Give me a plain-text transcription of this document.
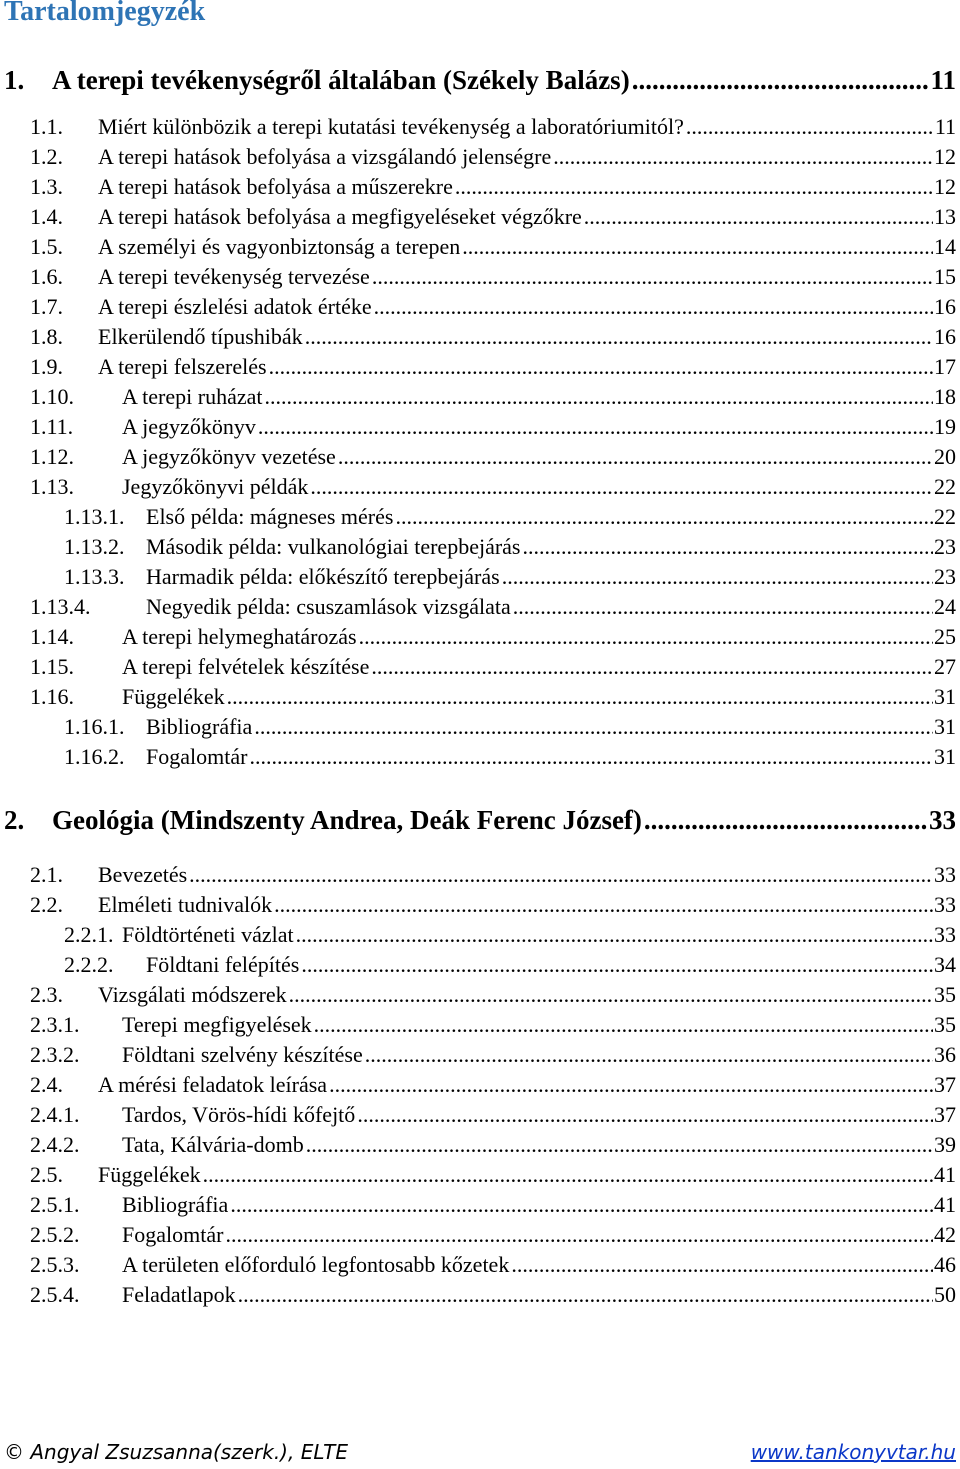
Tartalomjegyzék
1.	A terepi tevékenységről általában (Székely Balázs) .....	11
1.1.	Miért különbözik a terepi kutatási tevékenység a laboratóriumitól? .....	11
1.2.	A terepi hatások befolyása a vizsgálandó jelenségre .....	12
1.3.	A terepi hatások befolyása a műszerekre .....	12
1.4.	A terepi hatások befolyása a megfigyeléseket végzőkre .....	13
1.5.	A személyi és vagyonbiztonság a terepen .....	14
1.6.	A terepi tevékenység tervezése .....	15
1.7.	A terepi észlelési adatok értéke .....	16
1.8.	Elkerülendő típushibák .....	16
1.9.	A terepi felszerelés .....	17
1.10.	A terepi ruházat .....	18
1.11.	A jegyzőkönyv .....	19
1.12.	A jegyzőkönyv vezetése .....	20
1.13.	Jegyzőkönyvi példák .....	22
1.13.1. Első példa: mágneses mérés .....	22
1.13.2. Második példa: vulkanológiai terepbejárás .....	23
1.13.3. Harmadik példa: előkészítő terepbejárás .....	23
1.13.4.	Negyedik példa: csuszamlások vizsgálata .....	24
1.14.	A terepi helymeghatározás .....	25
1.15.	A terepi felvételek készítése .....	27
1.16.	Függelékek .....	31
1.16.1. Bibliográfia .....	31
1.16.2. Fogalomtár .....	31
2.	Geológia (Mindszenty Andrea, Deák Ferenc József) .....	33
2.1.	Bevezetés .....	33
2.2.	Elméleti tudnivalók .....	33
2.2.1. Földtörténeti vázlat .....	33
2.2.2.	Földtani felépítés .....	34
2.3.	Vizsgálati módszerek .....	35
2.3.1.	Terepi megfigyelések .....	35
2.3.2.	Földtani szelvény készítése .....	36
2.4.	A mérési feladatok leírása .....	37
2.4.1.	Tardos, Vörös-hídi kőfejtő .....	37
2.4.2.	Tata, Kálvária-domb .....	39
2.5.	Függelékek .....	41
2.5.1.	Bibliográfia .....	41
2.5.2.	Fogalomtár .....	42
2.5.3.	A területen előforduló legfontosabb kőzetek .....	46
2.5.4.	Feladatlapok .....	50
© Angyal Zsuzsanna(szerk.), ELTE	www.tankonyvtar.hu
